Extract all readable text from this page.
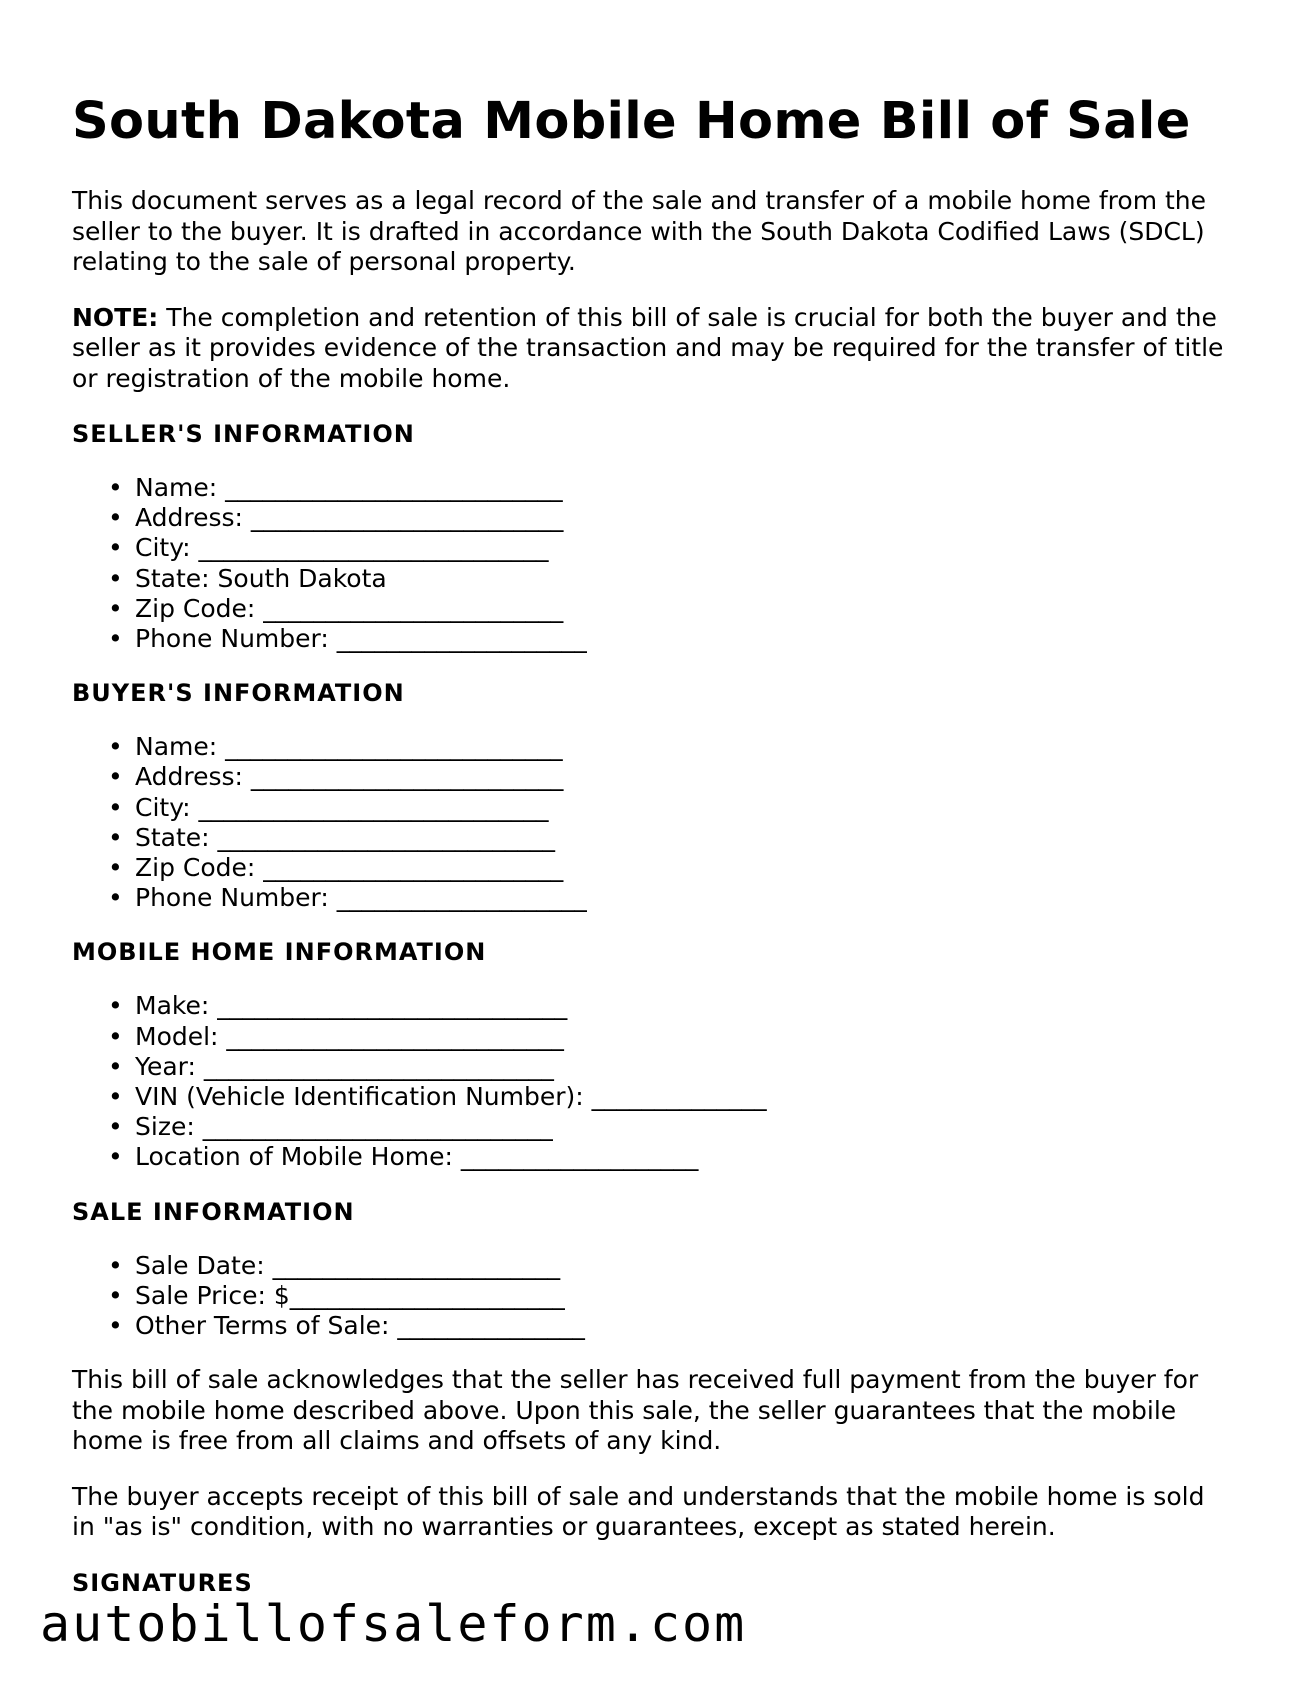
South Dakota Mobile Home Bill of Sale

This document serves as a legal record of the sale and transfer of a mobile home from the seller to the buyer. It is drafted in accordance with the South Dakota Codified Laws (SDCL) relating to the sale of personal property.

NOTE: The completion and retention of this bill of sale is crucial for both the buyer and the seller as it provides evidence of the transaction and may be required for the transfer of title or registration of the mobile home.

SELLER'S INFORMATION
• Name: ___________________________
• Address: _________________________
• City: ____________________________
• State: South Dakota
• Zip Code: ________________________
• Phone Number: ____________________
BUYER'S INFORMATION
• Name: ___________________________
• Address: _________________________
• City: ____________________________
• State: ___________________________
• Zip Code: ________________________
• Phone Number: ____________________
MOBILE HOME INFORMATION
• Make: ____________________________
• Model: ___________________________
• Year: ____________________________
• VIN (Vehicle Identification Number): ______________
• Size: ____________________________
• Location of Mobile Home: ___________________
SALE INFORMATION
• Sale Date: _______________________
• Sale Price: $______________________
• Other Terms of Sale: _______________

This bill of sale acknowledges that the seller has received full payment from the buyer for the mobile home described above. Upon this sale, the seller guarantees that the mobile home is free from all claims and offsets of any kind.

The buyer accepts receipt of this bill of sale and understands that the mobile home is sold in "as is" condition, with no warranties or guarantees, except as stated herein.

SIGNATURES
autobillofsaleform.com
